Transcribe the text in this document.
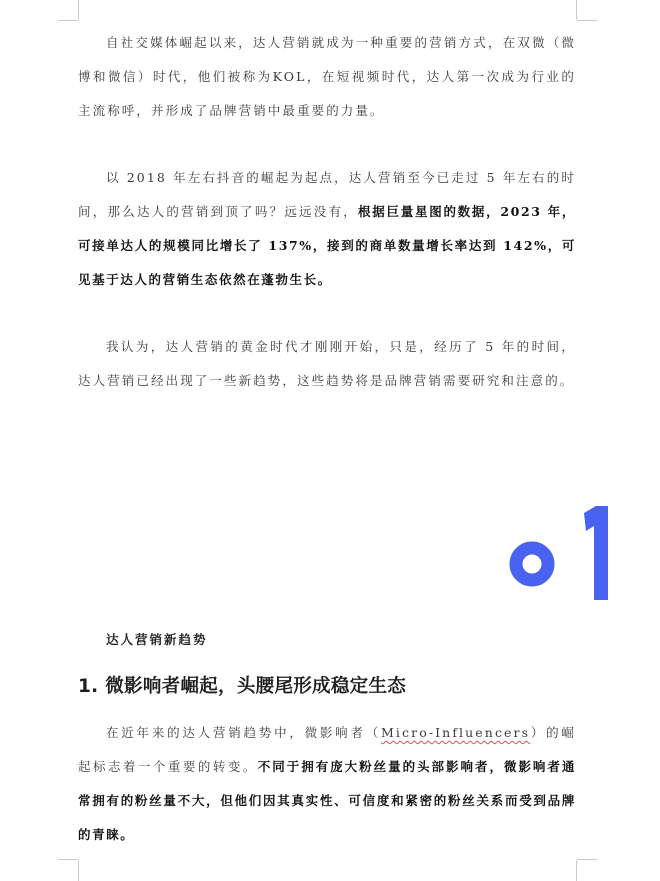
自社交媒体崛起以来，达人营销就成为一种重要的营销方式，在双微（微博和微信）时代，他们被称为KOL，在短视频时代，达人第一次成为行业的主流称呼，并形成了品牌营销中最重要的力量。

以 2018 年左右抖音的崛起为起点，达人营销至今已走过 5 年左右的时间，那么达人的营销到顶了吗？远远没有，根据巨量星图的数据，2023 年，可接单达人的规模同比增长了 137%，接到的商单数量增长率达到 142%，可见基于达人的营销生态依然在蓬勃生长。

我认为，达人营销的黄金时代才刚刚开始，只是，经历了 5 年的时间，达人营销已经出现了一些新趋势，这些趋势将是品牌营销需要研究和注意的。

达人营销新趋势

1. 微影响者崛起，头腰尾形成稳定生态

在近年来的达人营销趋势中，微影响者（Micro-Influencers）的崛起标志着一个重要的转变。不同于拥有庞大粉丝量的头部影响者，微影响者通常拥有的粉丝量不大，但他们因其真实性、可信度和紧密的粉丝关系而受到品牌的青睐。
